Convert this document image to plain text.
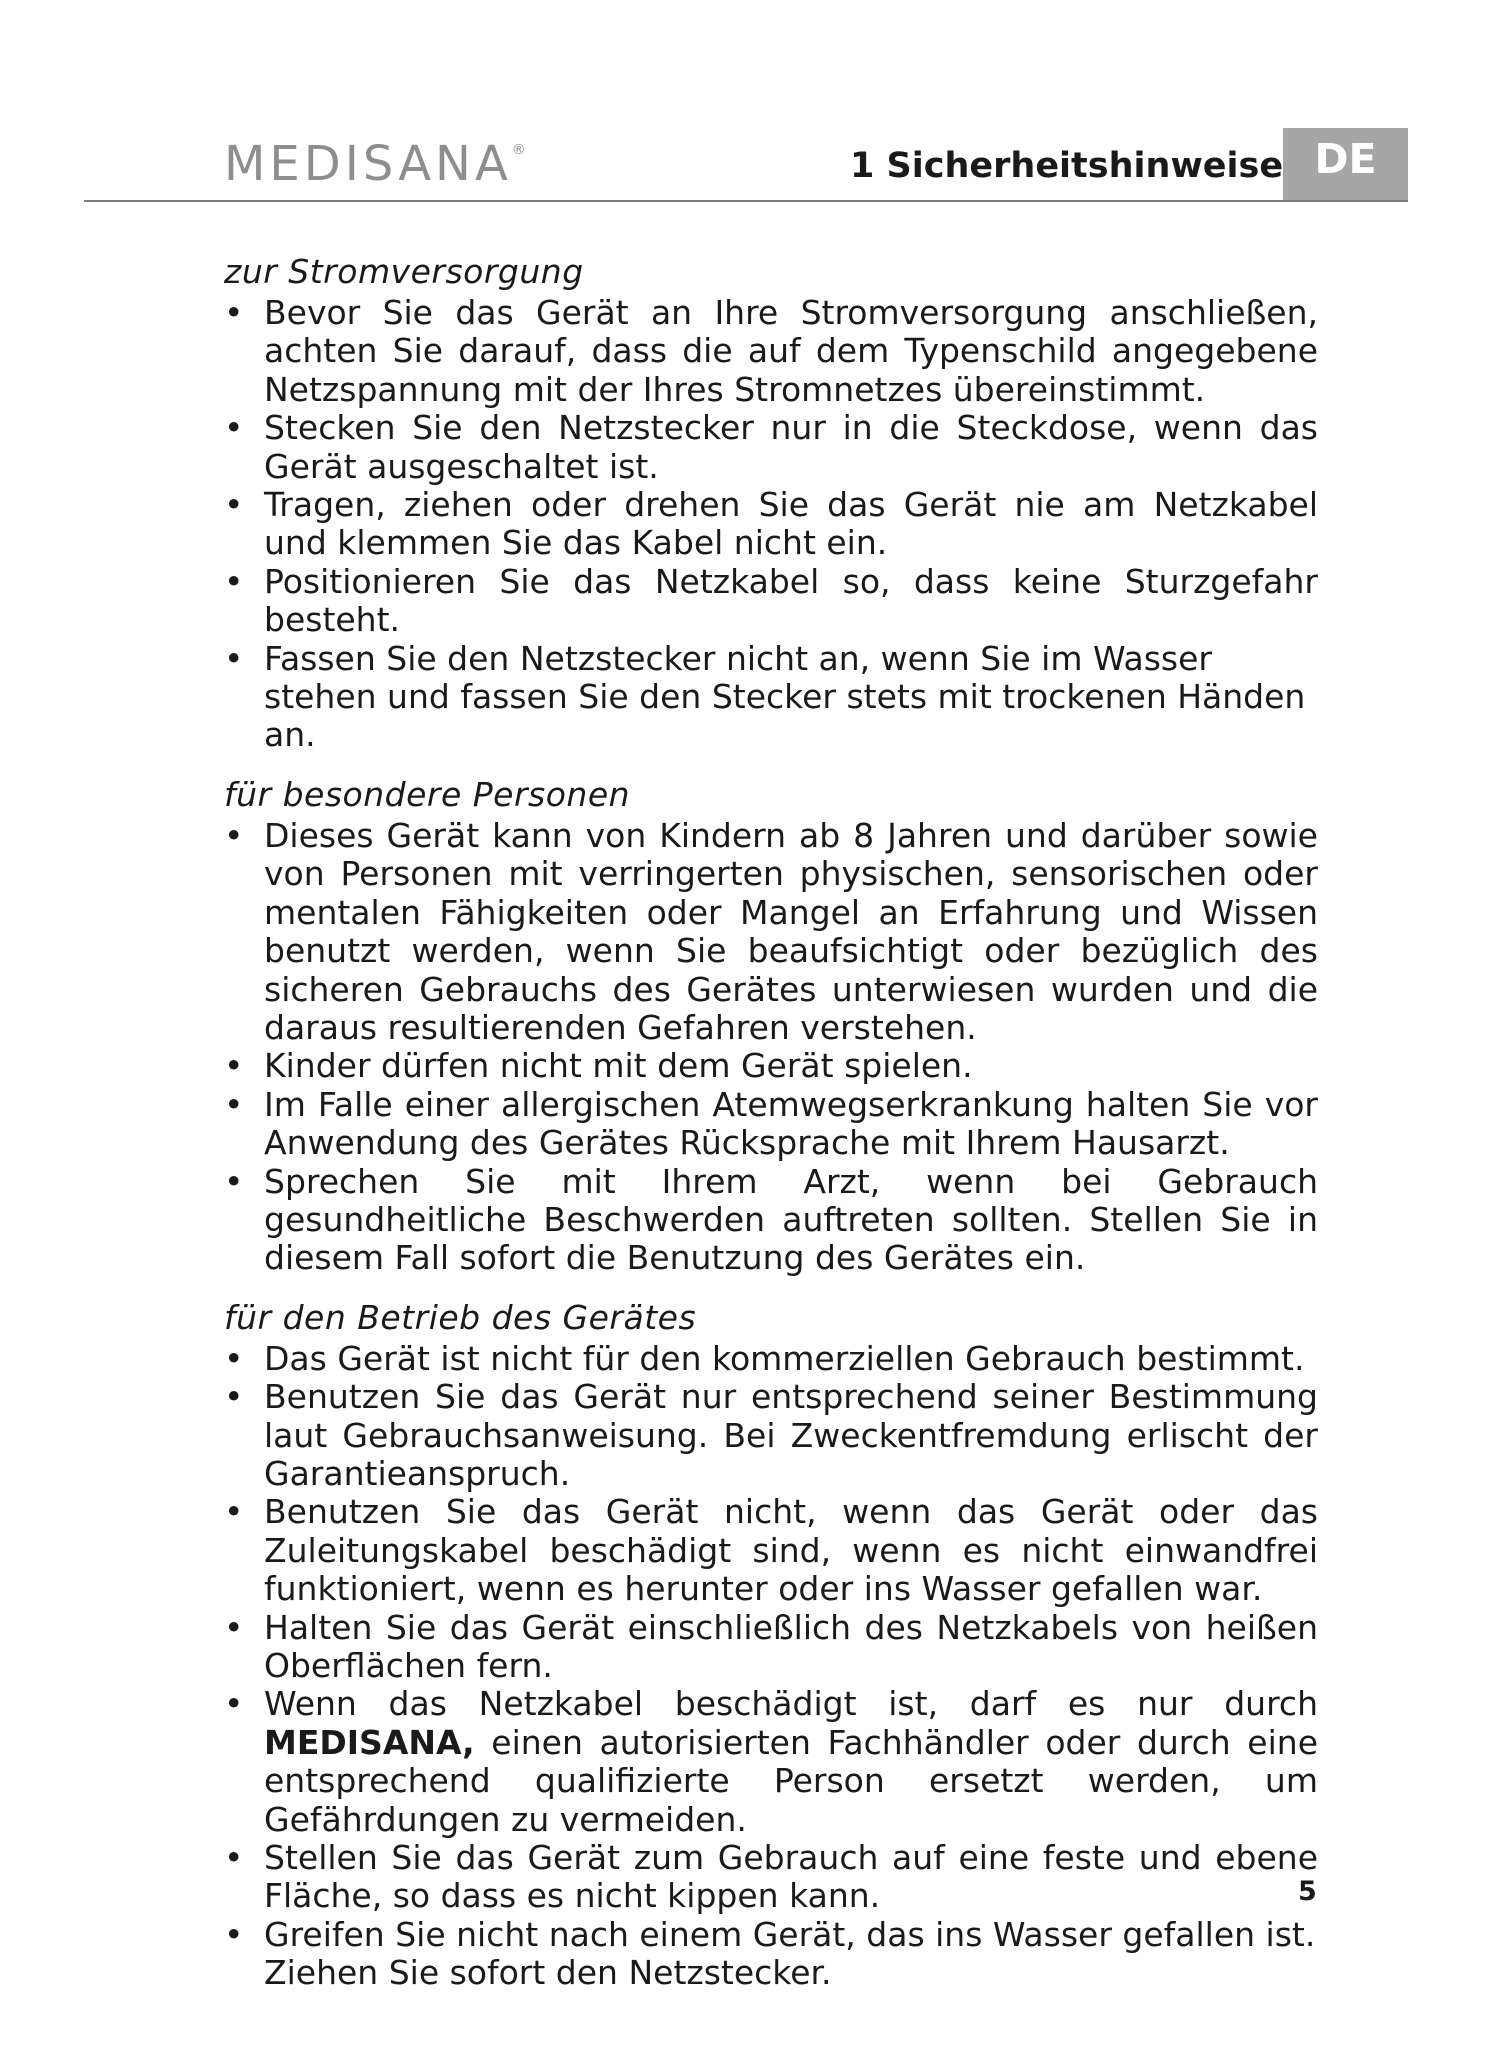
MEDISANA®	1 Sicherheitshinweise DE
zur Stromversorgung
• Bevor Sie das Gerät an Ihre Stromversorgung anschließen, achten Sie darauf, dass die auf dem Typenschild angegebene Netzspannung mit der Ihres Stromnetzes übereinstimmt.
• Stecken Sie den Netzstecker nur in die Steckdose, wenn das Gerät ausgeschaltet ist.
• Tragen, ziehen oder drehen Sie das Gerät nie am Netzkabel und klemmen Sie das Kabel nicht ein.
• Positionieren Sie das Netzkabel so, dass keine Sturzgefahr besteht.
• Fassen Sie den Netzstecker nicht an, wenn Sie im Wasser stehen und fassen Sie den Stecker stets mit trockenen Händen an.
für besondere Personen
• Dieses Gerät kann von Kindern ab 8 Jahren und darüber sowie von Personen mit verringerten physischen, sensorischen oder mentalen Fähigkeiten oder Mangel an Erfahrung und Wissen benutzt werden, wenn Sie beaufsichtigt oder bezüglich des sicheren Gebrauchs des Gerätes unterwiesen wurden und die daraus resultierenden Gefahren verstehen.
• Kinder dürfen nicht mit dem Gerät spielen.
• Im Falle einer allergischen Atemwegserkrankung halten Sie vor Anwendung des Gerätes Rücksprache mit Ihrem Hausarzt.
• Sprechen Sie mit Ihrem Arzt, wenn bei Gebrauch gesundheitliche Beschwerden auftreten sollten. Stellen Sie in diesem Fall sofort die Benutzung des Gerätes ein.
für den Betrieb des Gerätes
• Das Gerät ist nicht für den kommerziellen Gebrauch bestimmt.
• Benutzen Sie das Gerät nur entsprechend seiner Bestimmung laut Gebrauchsanweisung. Bei Zweckentfremdung erlischt der Garantieanspruch.
• Benutzen Sie das Gerät nicht, wenn das Gerät oder das Zuleitungskabel beschädigt sind, wenn es nicht einwandfrei funktioniert, wenn es herunter oder ins Wasser gefallen war.
• Halten Sie das Gerät einschließlich des Netzkabels von heißen Oberflächen fern.
• Wenn das Netzkabel beschädigt ist, darf es nur durch MEDISANA, einen autorisierten Fachhändler oder durch eine entsprechend qualifizierte Person ersetzt werden, um Gefährdungen zu vermeiden.
• Stellen Sie das Gerät zum Gebrauch auf eine feste und ebene Fläche, so dass es nicht kippen kann.
• Greifen Sie nicht nach einem Gerät, das ins Wasser gefallen ist. Ziehen Sie sofort den Netzstecker.
5
